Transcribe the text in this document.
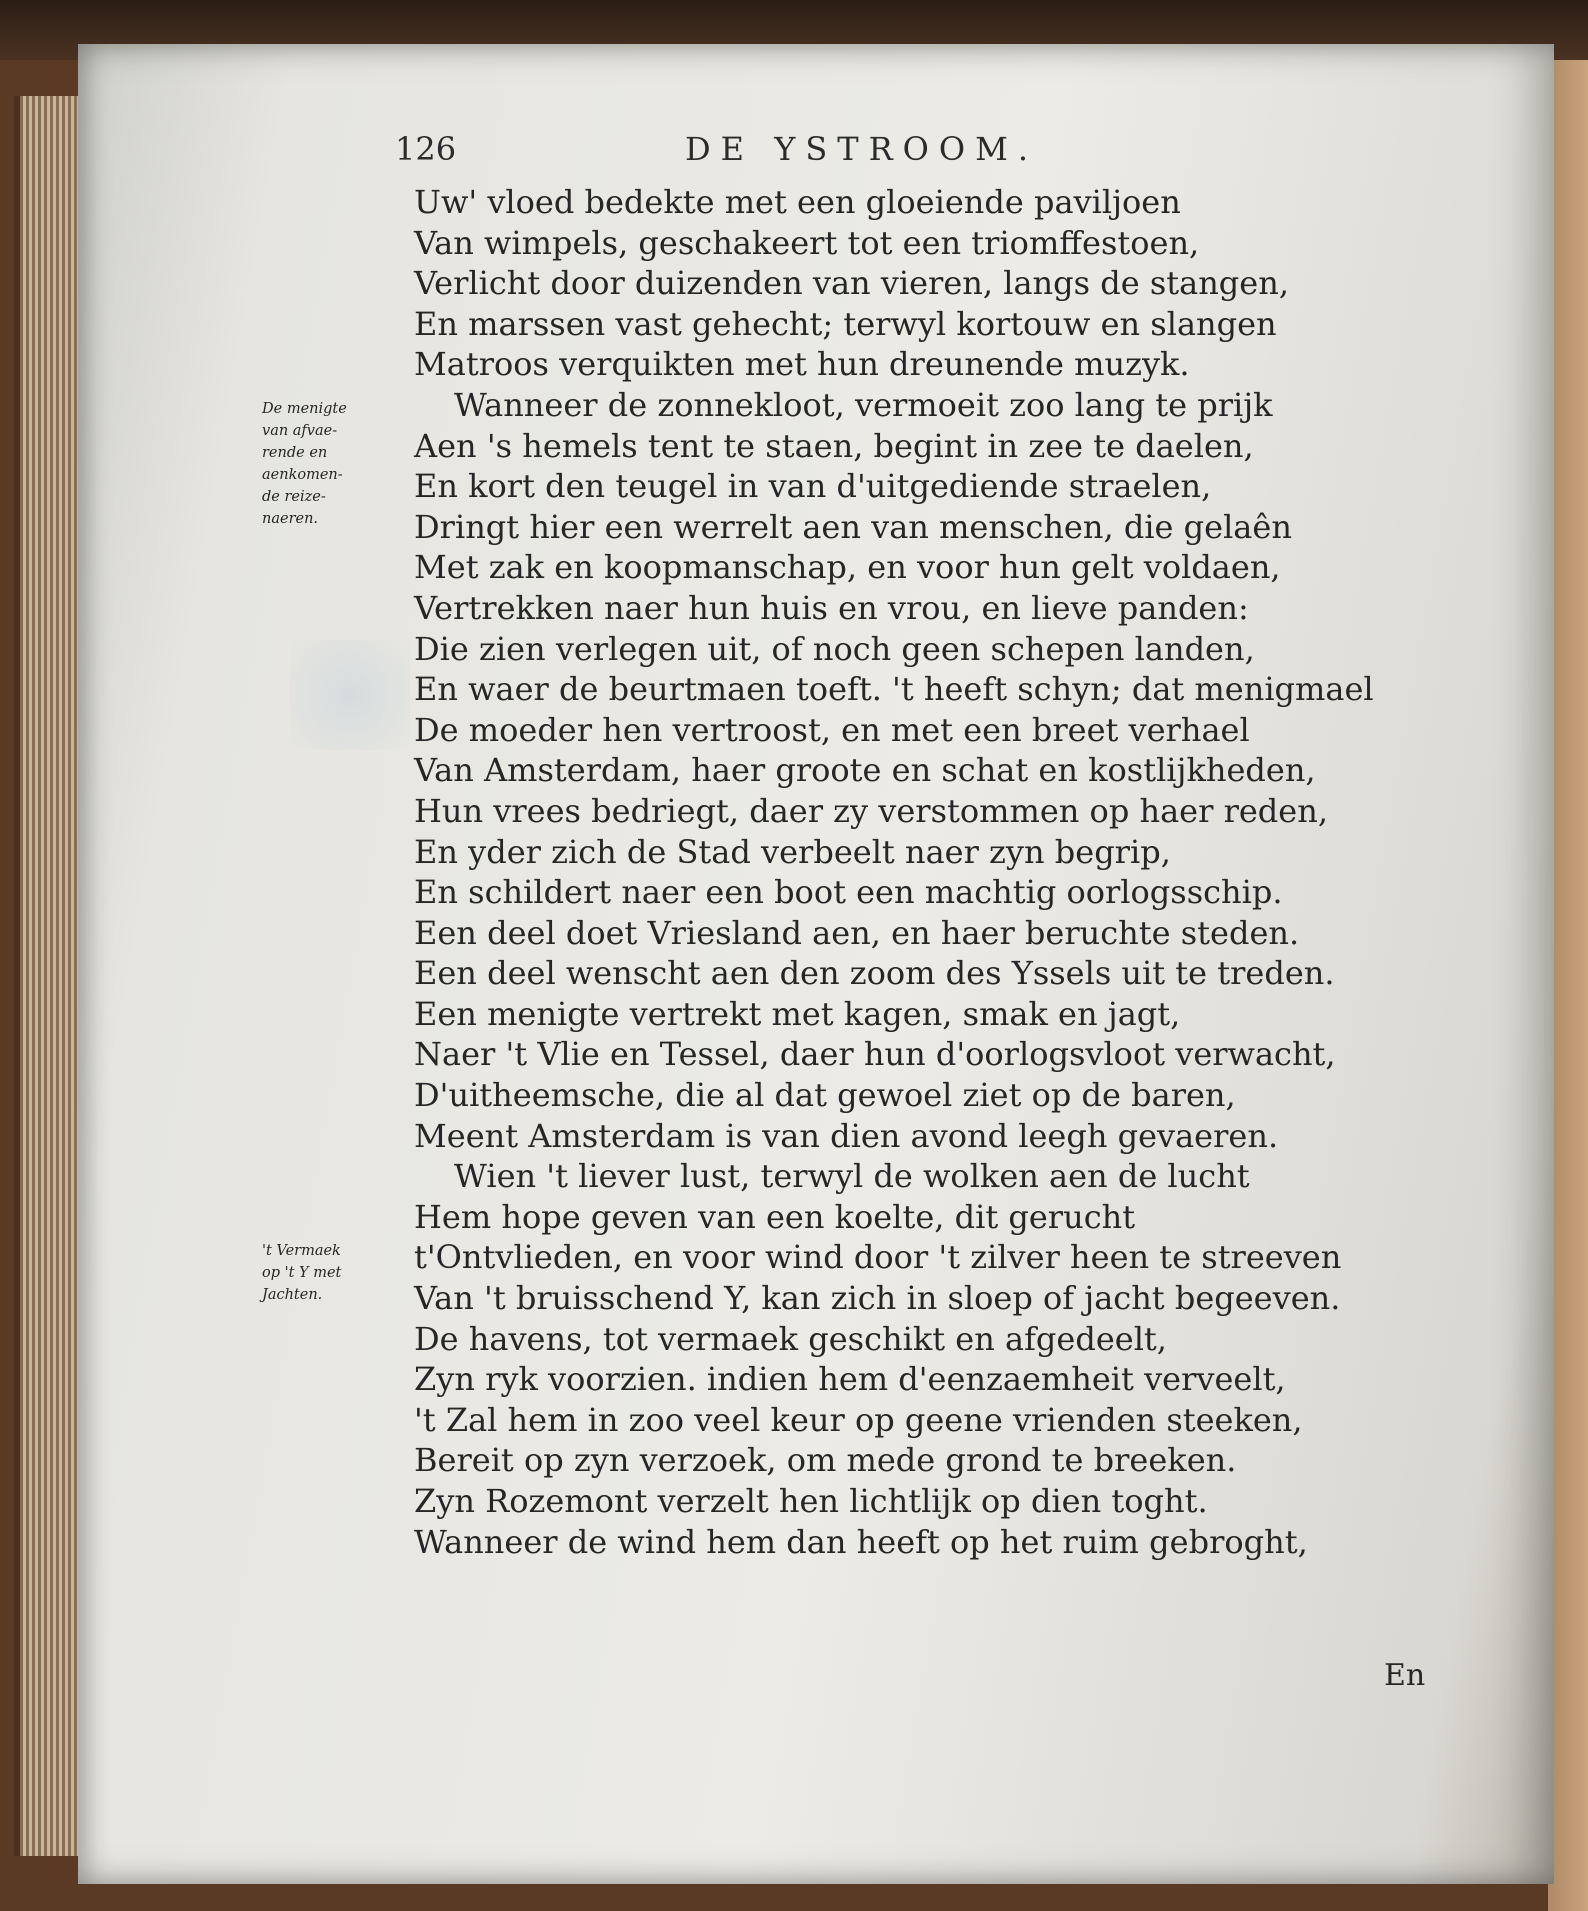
126	DE YSTROOM.
De menigte
van afvae-
rende en
aenkomen-
de reize-
naeren.
't Vermaek
op 't Y met
Jachten.
Uw' vloed bedekte met een gloeiende paviljoen
Van wimpels, geschakeert tot een triomffestoen,
Verlicht door duizenden van vieren, langs de stangen,
En marssen vast gehecht; terwyl kortouw en slangen
Matroos verquikten met hun dreunende muzyk.
Wanneer de zonnekloot, vermoeit zoo lang te prijk
Aen 's hemels tent te staen, begint in zee te daelen,
En kort den teugel in van d'uitgediende straelen,
Dringt hier een werrelt aen van menschen, die gelaên
Met zak en koopmanschap, en voor hun gelt voldaen,
Vertrekken naer hun huis en vrou, en lieve panden:
Die zien verlegen uit, of noch geen schepen landen,
En waer de beurtmaen toeft. 't heeft schyn; dat menigmael
De moeder hen vertroost, en met een breet verhael
Van Amsterdam, haer groote en schat en kostlijkheden,
Hun vrees bedriegt, daer zy verstommen op haer reden,
En yder zich de Stad verbeelt naer zyn begrip,
En schildert naer een boot een machtig oorlogsschip.
Een deel doet Vriesland aen, en haer beruchte steden.
Een deel wenscht aen den zoom des Yssels uit te treden.
Een menigte vertrekt met kagen, smak en jagt,
Naer 't Vlie en Tessel, daer hun d'oorlogsvloot verwacht,
D'uitheemsche, die al dat gewoel ziet op de baren,
Meent Amsterdam is van dien avond leegh gevaeren.
Wien 't liever lust, terwyl de wolken aen de lucht
Hem hope geven van een koelte, dit gerucht
t'Ontvlieden, en voor wind door 't zilver heen te streeven
Van 't bruisschend Y, kan zich in sloep of jacht begeeven.
De havens, tot vermaek geschikt en afgedeelt,
Zyn ryk voorzien. indien hem d'eenzaemheit verveelt,
't Zal hem in zoo veel keur op geene vrienden steeken,
Bereit op zyn verzoek, om mede grond te breeken.
Zyn Rozemont verzelt hen lichtlijk op dien toght.
Wanneer de wind hem dan heeft op het ruim gebroght,
En
